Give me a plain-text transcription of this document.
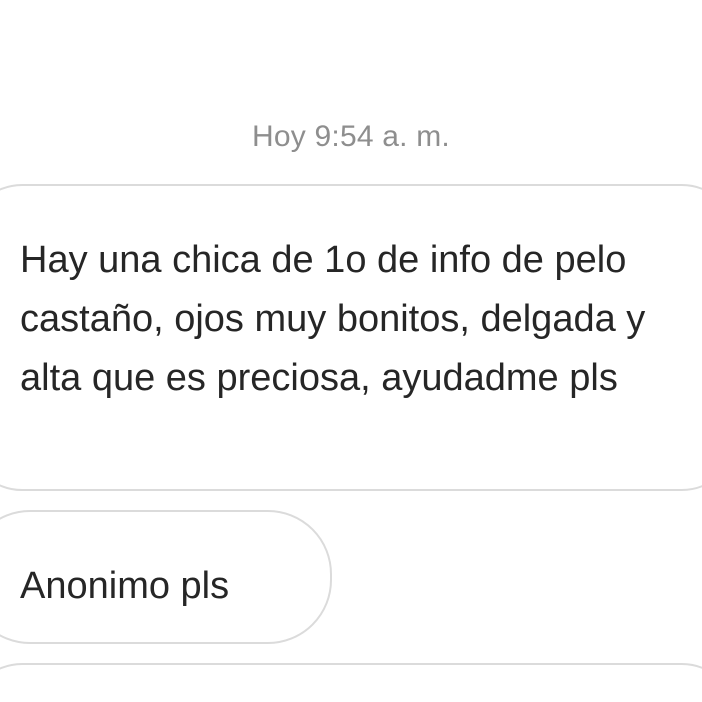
Hoy 9:54 a. m.

Hay una chica de 1o de info de pelo castaño, ojos muy bonitos, delgada y alta que es preciosa, ayudadme pls

Anonimo pls
